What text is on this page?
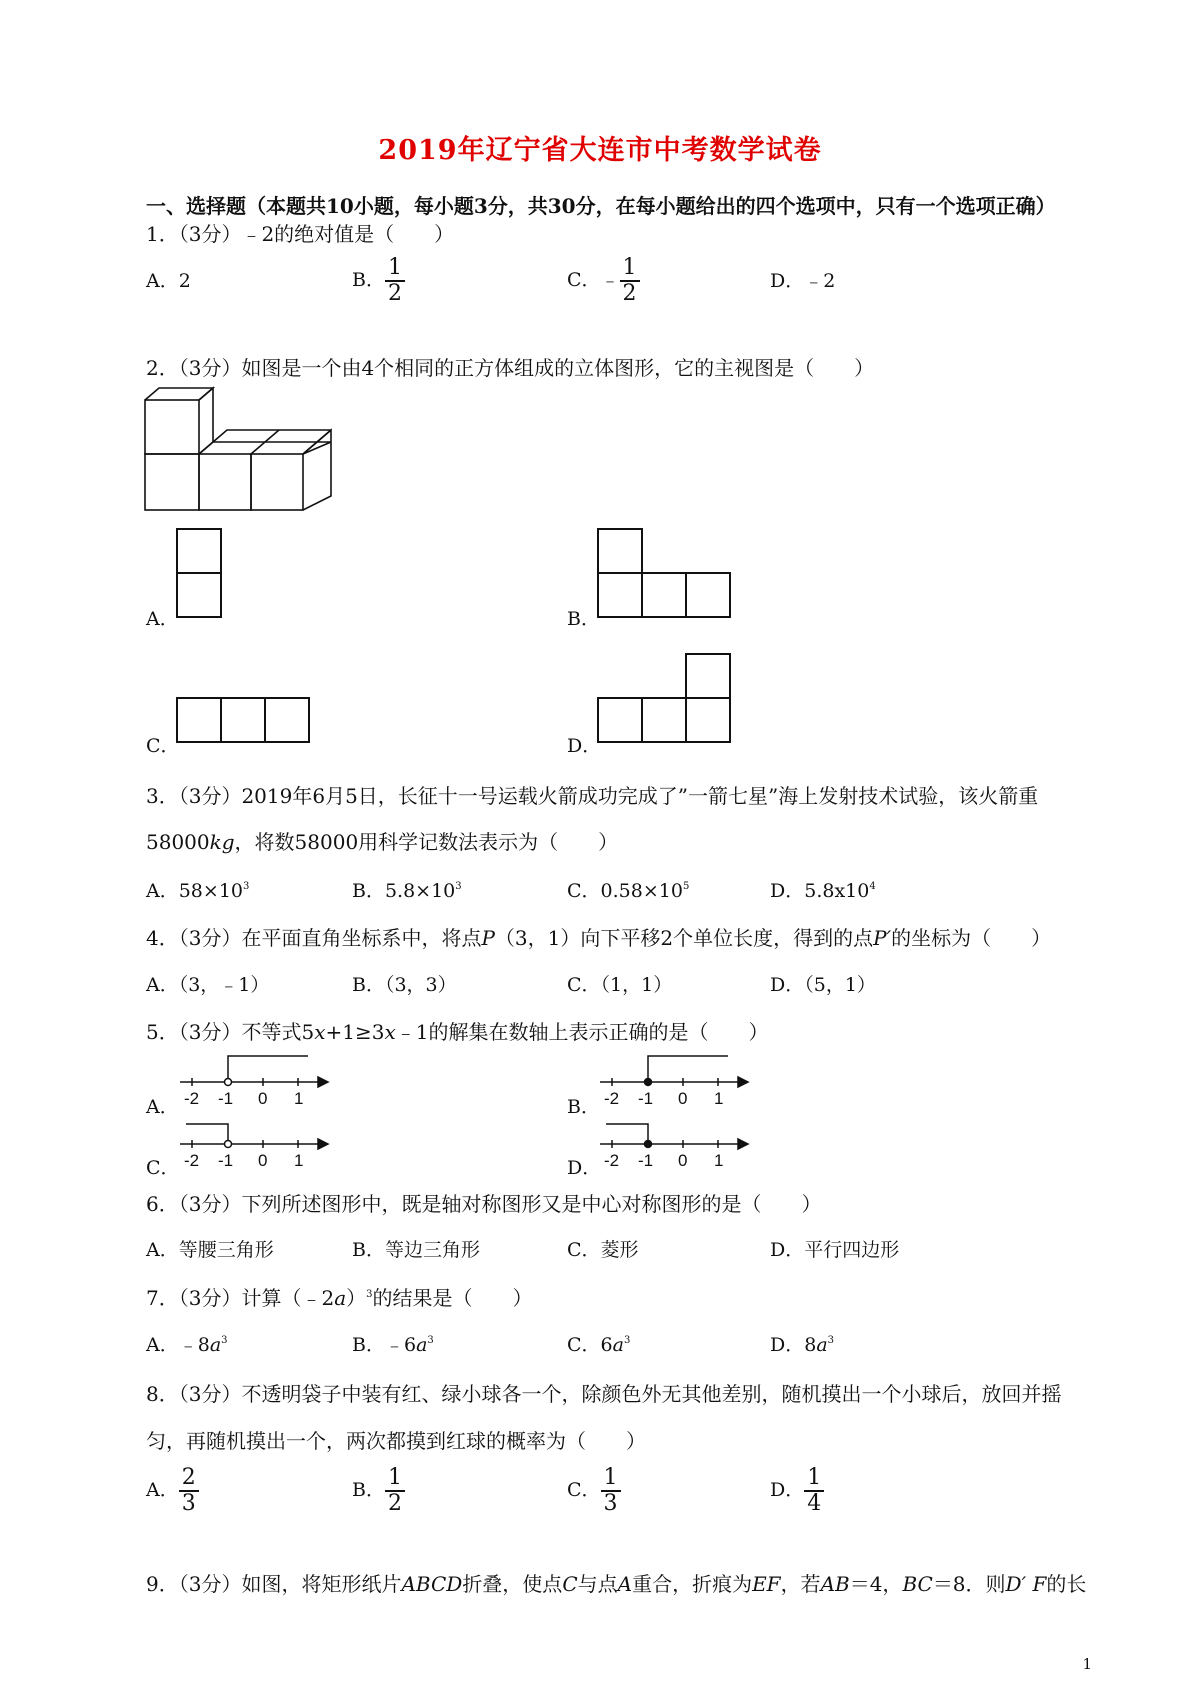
2019年辽宁省大连市中考数学试卷
一、选择题（本题共10小题，每小题3分，共30分，在每小题给出的四个选项中，只有一个选项正确）
1．（3分）﹣2的绝对值是（　　）
A．2	B． $\frac{1}{2}$	C．﹣ $\frac{1}{2}$	D．﹣2
2．（3分）如图是一个由4个相同的正方体组成的立体图形，它的主视图是（　　）
A．	B．
C．	D．
3．（3分）2019年6月5日，长征十一号运载火箭成功完成了”一箭七星”海上发射技术试验，该火箭重
58000kg，将数58000用科学记数法表示为（　　）
A．$58\times 10^3$	B．$5.8\times 10^3$	C．$0.58\times 10^5$	D．$5.8x10^4$
4．（3分）在平面直角坐标系中，将点P（3，1）向下平移2个单位长度，得到的点P′的坐标为（　　）
A．（3，﹣1）	B．（3，3）	C．（1，1）	D．（5，1）
5．（3分）不等式5x+1≥3x﹣1的解集在数轴上表示正确的是（　　）
A． -2 -1 0 1	B． -2 -1 0 1
C． -2 -1 0 1	D． -2 -1 0 1
6．（3分）下列所述图形中，既是轴对称图形又是中心对称图形的是（　　）
A．等腰三角形	B．等边三角形	C．菱形	D．平行四边形
7．（3分）计算（﹣2a）$^3$的结果是（　　）
A．$﹣8a^3$	B．$﹣6a^3$	C．$6a^3$	D．$8a^3$
8．（3分）不透明袋子中装有红、绿小球各一个，除颜色外无其他差别，随机摸出一个小球后，放回并摇
匀，再随机摸出一个，两次都摸到红球的概率为（　　）
A． $\frac{2}{3}$	B． $\frac{1}{2}$	C． $\frac{1}{3}$	D． $\frac{1}{4}$
9．（3分）如图，将矩形纸片ABCD折叠，使点C与点A重合，折痕为EF，若AB＝4，BC＝8．则D′ F的长
1
